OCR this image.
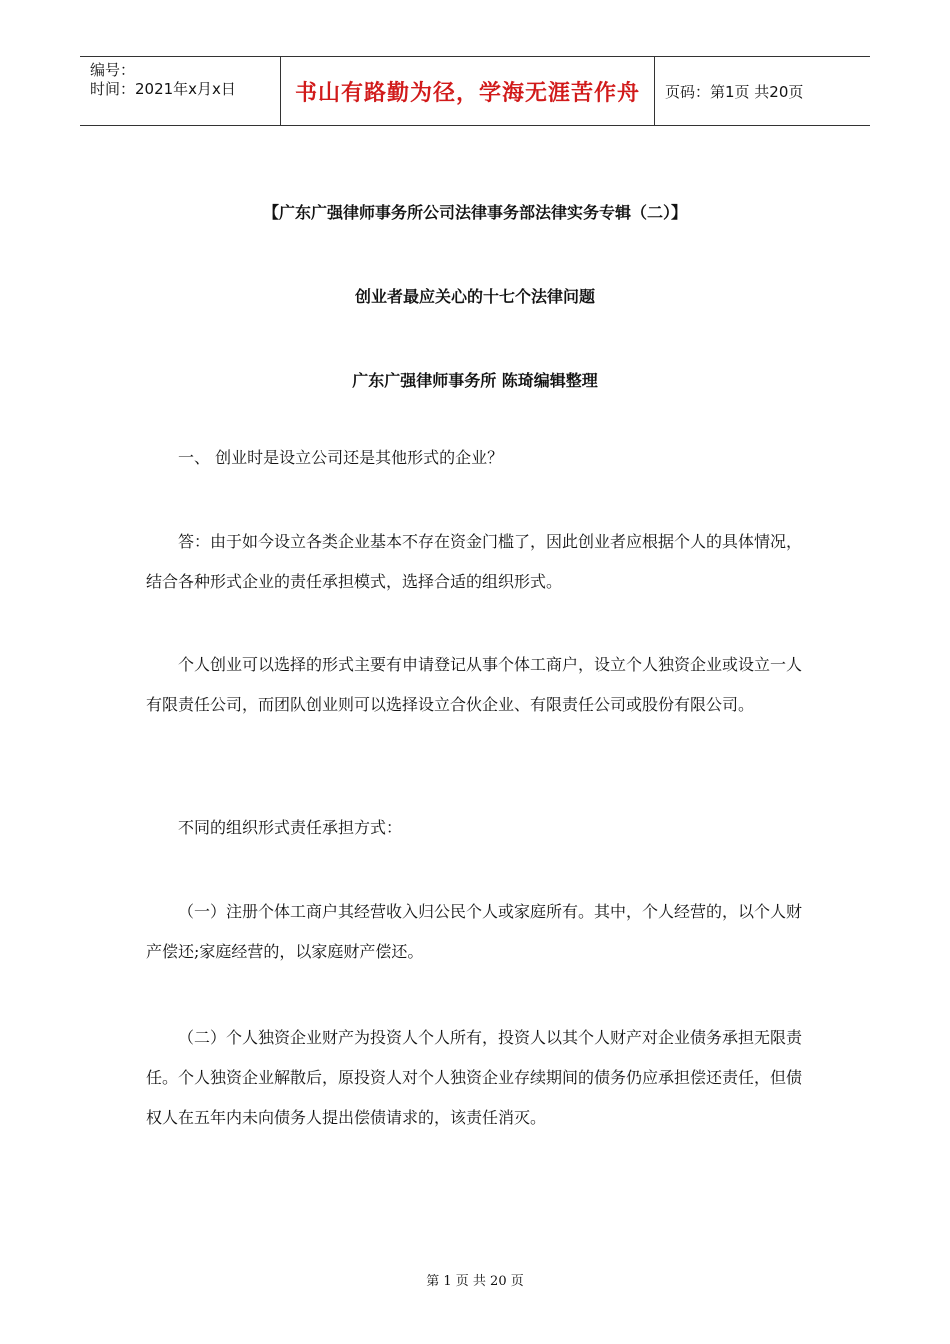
编号：
时间：2021年x月x日	书山有路勤为径，学海无涯苦作舟	页码：第1页 共20页
【广东广强律师事务所公司法律事务部法律实务专辑（二）】
创业者最应关心的十七个法律问题
广东广强律师事务所 陈琦编辑整理

一、 创业时是设立公司还是其他形式的企业？

答：由于如今设立各类企业基本不存在资金门槛了，因此创业者应根据个人的具体情况，结合各种形式企业的责任承担模式，选择合适的组织形式。

个人创业可以选择的形式主要有申请登记从事个体工商户，设立个人独资企业或设立一人有限责任公司，而团队创业则可以选择设立合伙企业、有限责任公司或股份有限公司。

不同的组织形式责任承担方式：

（一）注册个体工商户其经营收入归公民个人或家庭所有。其中，个人经营的，以个人财产偿还;家庭经营的，以家庭财产偿还。

（二）个人独资企业财产为投资人个人所有，投资人以其个人财产对企业债务承担无限责任。个人独资企业解散后，原投资人对个人独资企业存续期间的债务仍应承担偿还责任，但债权人在五年内未向债务人提出偿债请求的，该责任消灭。

第 1 页 共 20 页
